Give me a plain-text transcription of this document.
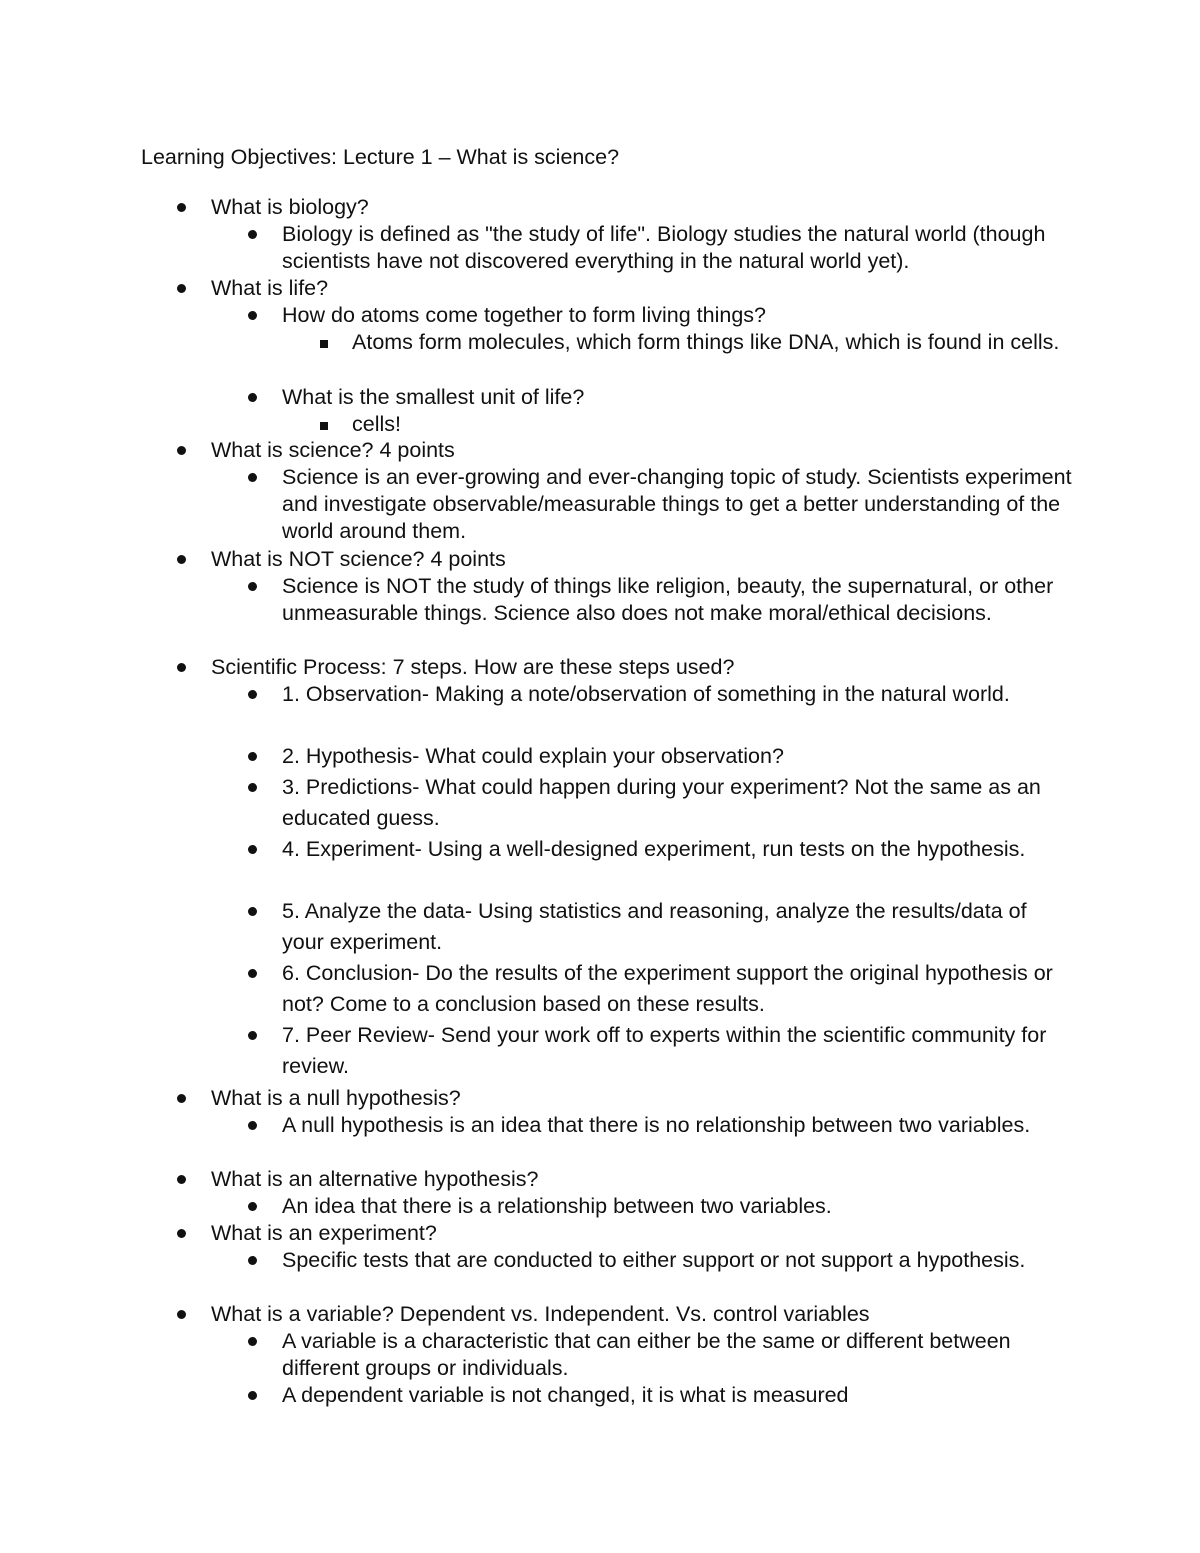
Learning Objectives: Lecture 1 – What is science?
What is biology?
Biology is defined as "the study of life". Biology studies the natural world (though scientists have not discovered everything in the natural world yet).
What is life?
How do atoms come together to form living things?
Atoms form molecules, which form things like DNA, which is found in cells.
What is the smallest unit of life?
cells!
What is science? 4 points
Science is an ever-growing and ever-changing topic of study. Scientists experiment and investigate observable/measurable things to get a better understanding of the world around them.
What is NOT science? 4 points
Science is NOT the study of things like religion, beauty, the supernatural, or other unmeasurable things. Science also does not make moral/ethical decisions.
Scientific Process: 7 steps. How are these steps used?
1. Observation- Making a note/observation of something in the natural world.
2. Hypothesis- What could explain your observation?
3. Predictions- What could happen during your experiment? Not the same as an educated guess.
4. Experiment- Using a well-designed experiment, run tests on the hypothesis.
5. Analyze the data- Using statistics and reasoning, analyze the results/data of your experiment.
6. Conclusion- Do the results of the experiment support the original hypothesis or not? Come to a conclusion based on these results.
7. Peer Review- Send your work off to experts within the scientific community for review.
What is a null hypothesis?
A null hypothesis is an idea that there is no relationship between two variables.
What is an alternative hypothesis?
An idea that there is a relationship between two variables.
What is an experiment?
Specific tests that are conducted to either support or not support a hypothesis.
What is a variable? Dependent vs. Independent. Vs. control variables
A variable is a characteristic that can either be the same or different between different groups or individuals.
A dependent variable is not changed, it is what is measured
